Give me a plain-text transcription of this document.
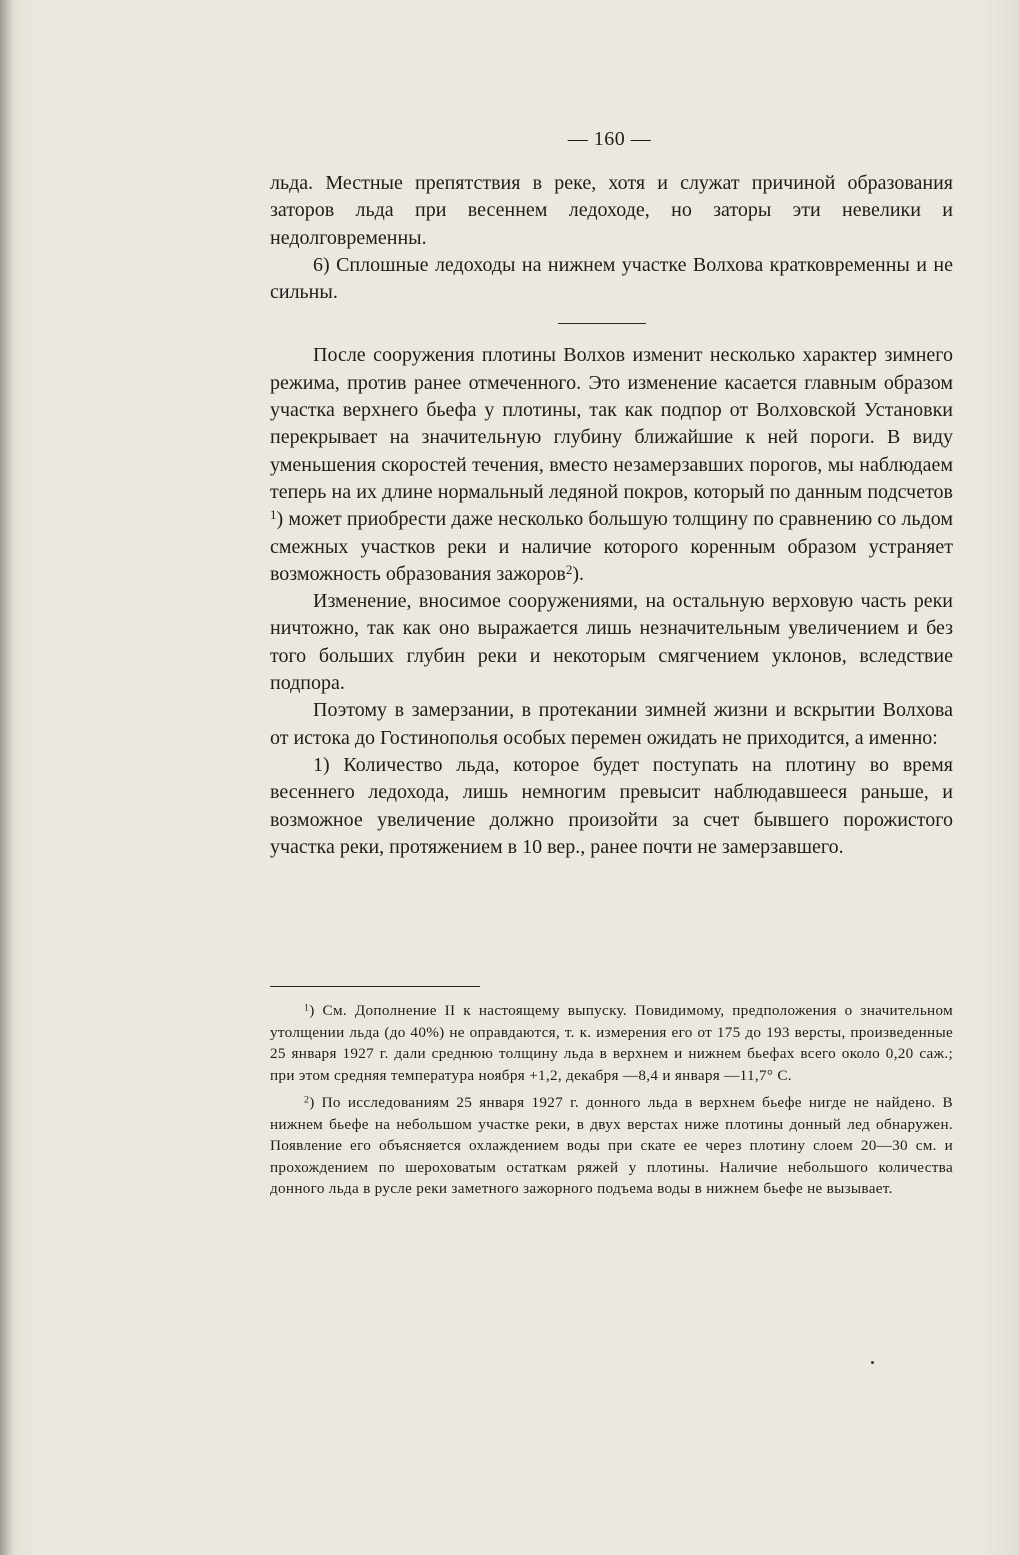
— 160 —

льда. Местные препятствия в реке, хотя и служат причиной образования заторов льда при весеннем ледоходе, но заторы эти невелики и недолговременны.

6) Сплошные ледоходы на нижнем участке Волхова кратковременны и не сильны.

После сооружения плотины Волхов изменит несколько характер зимнего режима, против ранее отмеченного. Это изменение касается главным образом участка верхнего бьефа у плотины, так как подпор от Волховской Установки перекрывает на значительную глубину ближайшие к ней пороги. В виду уменьшения скоростей течения, вместо незамерзавших порогов, мы наблюдаем теперь на их длине нормальный ледяной покров, который по данным подсчетов $^1$) может приобрести даже несколько большую толщину по сравнению со льдом смежных участков реки и наличие которого коренным образом устраняет возможность образования зажоров$^2$).

Изменение, вносимое сооружениями, на остальную верховую часть реки ничтожно, так как оно выражается лишь незначительным увеличением и без того больших глубин реки и некоторым смягчением уклонов, вследствие подпора.

Поэтому в замерзании, в протекании зимней жизни и вскрытии Волхова от истока до Гостинополья особых перемен ожидать не приходится, а именно:

1) Количество льда, которое будет поступать на плотину во время весеннего ледохода, лишь немногим превысит наблюдавшееся раньше, и возможное увеличение должно произойти за счет бывшего порожистого участка реки, протяжением в 10 вер., ранее почти не замерзавшего.

$^1$) См. Дополнение II к настоящему выпуску. Повидимому, предположения о значительном утолщении льда (до 40%) не оправдаются, т. к. измерения его от 175 до 193 версты, произведенные 25 января 1927 г. дали среднюю толщину льда в верхнем и нижнем бьефах всего около 0,20 саж.; при этом средняя температура ноября +1,2, декабря —8,4 и января —11,7° С.

$^2$) По исследованиям 25 января 1927 г. донного льда в верхнем бьефе нигде не найдено. В нижнем бьефе на небольшом участке реки, в двух верстах ниже плотины донный лед обнаружен. Появление его объясняется охлаждением воды при скате ее через плотину слоем 20—30 см. и прохождением по шероховатым остаткам ряжей у плотины. Наличие небольшого количества донного льда в русле реки заметного зажорного подъема воды в нижнем бьефе не вызывает.
